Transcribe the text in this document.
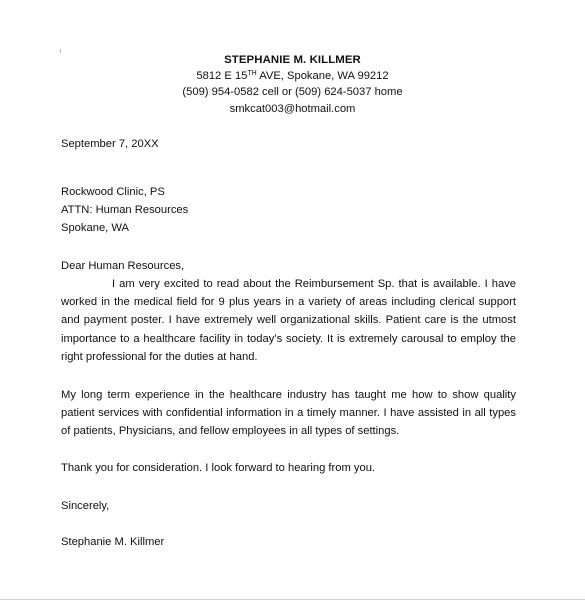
STEPHANIE M. KILLMER
5812 E 15TH AVE, Spokane, WA 99212
(509) 954-0582 cell or (509) 624-5037 home
smkcat003@hotmail.com

September 7, 20XX

Rockwood Clinic, PS
ATTN: Human Resources
Spokane, WA

Dear Human Resources,

I am very excited to read about the Reimbursement Sp. that is available. I have worked in the medical field for 9 plus years in a variety of areas including clerical support and payment poster. I have extremely well organizational skills. Patient care is the utmost importance to a healthcare facility in today’s society. It is extremely carousal to employ the right professional for the duties at hand.

My long term experience in the healthcare industry has taught me how to show quality patient services with confidential information in a timely manner. I have assisted in all types of patients, Physicians, and fellow employees in all types of settings.

Thank you for consideration. I look forward to hearing from you.

Sincerely,

Stephanie M. Killmer
